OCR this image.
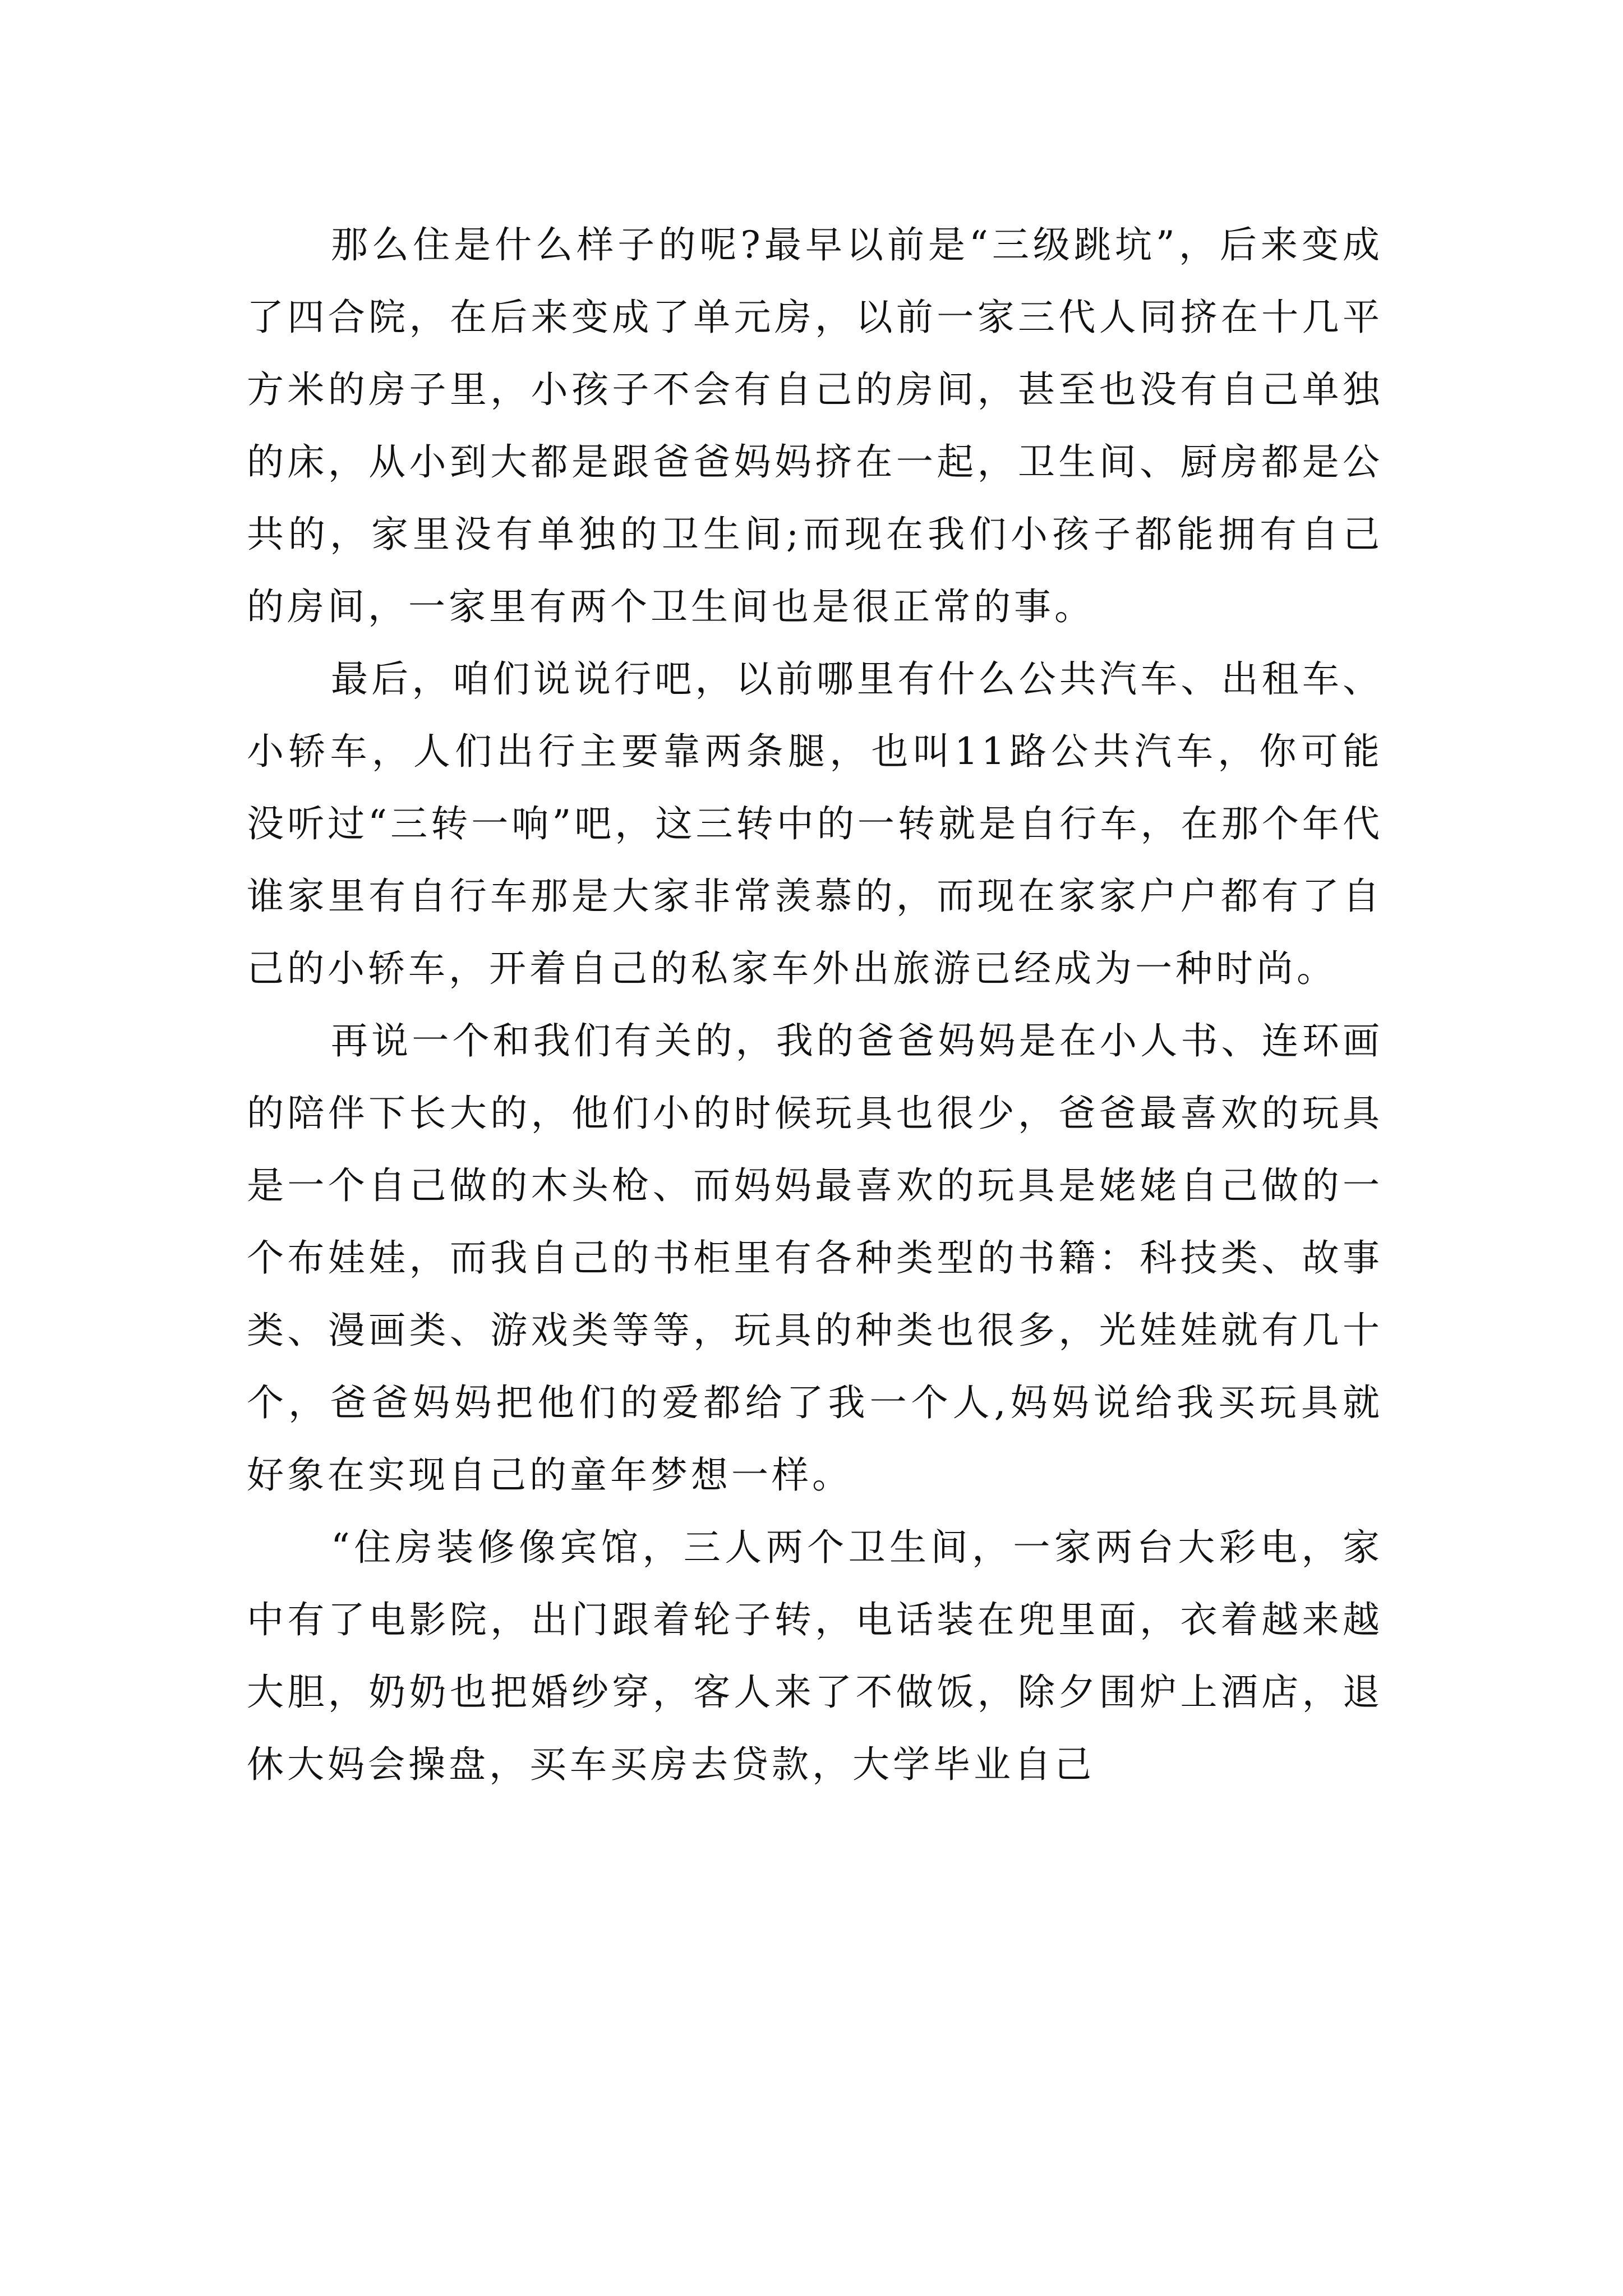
那么住是什么样子的呢?最早以前是“三级跳坑”，后来变成了四合院，在后来变成了单元房，以前一家三代人同挤在十几平方米的房子里，小孩子不会有自己的房间，甚至也没有自己单独的床，从小到大都是跟爸爸妈妈挤在一起，卫生间、厨房都是公共的，家里没有单独的卫生间;而现在我们小孩子都能拥有自己的房间，一家里有两个卫生间也是很正常的事。

最后，咱们说说行吧，以前哪里有什么公共汽车、出租车、小轿车，人们出行主要靠两条腿，也叫11路公共汽车，你可能没听过“三转一响”吧，这三转中的一转就是自行车，在那个年代谁家里有自行车那是大家非常羡慕的，而现在家家户户都有了自己的小轿车，开着自己的私家车外出旅游已经成为一种时尚。

再说一个和我们有关的，我的爸爸妈妈是在小人书、连环画的陪伴下长大的，他们小的时候玩具也很少，爸爸最喜欢的玩具是一个自己做的木头枪、而妈妈最喜欢的玩具是姥姥自己做的一个布娃娃，而我自己的书柜里有各种类型的书籍：科技类、故事类、漫画类、游戏类等等，玩具的种类也很多，光娃娃就有几十个，爸爸妈妈把他们的爱都给了我一个人,妈妈说给我买玩具就好象在实现自己的童年梦想一样。

“住房装修像宾馆，三人两个卫生间，一家两台大彩电，家中有了电影院，出门跟着轮子转，电话装在兜里面，衣着越来越大胆，奶奶也把婚纱穿，客人来了不做饭，除夕围炉上酒店，退休大妈会操盘，买车买房去贷款，大学毕业自己
